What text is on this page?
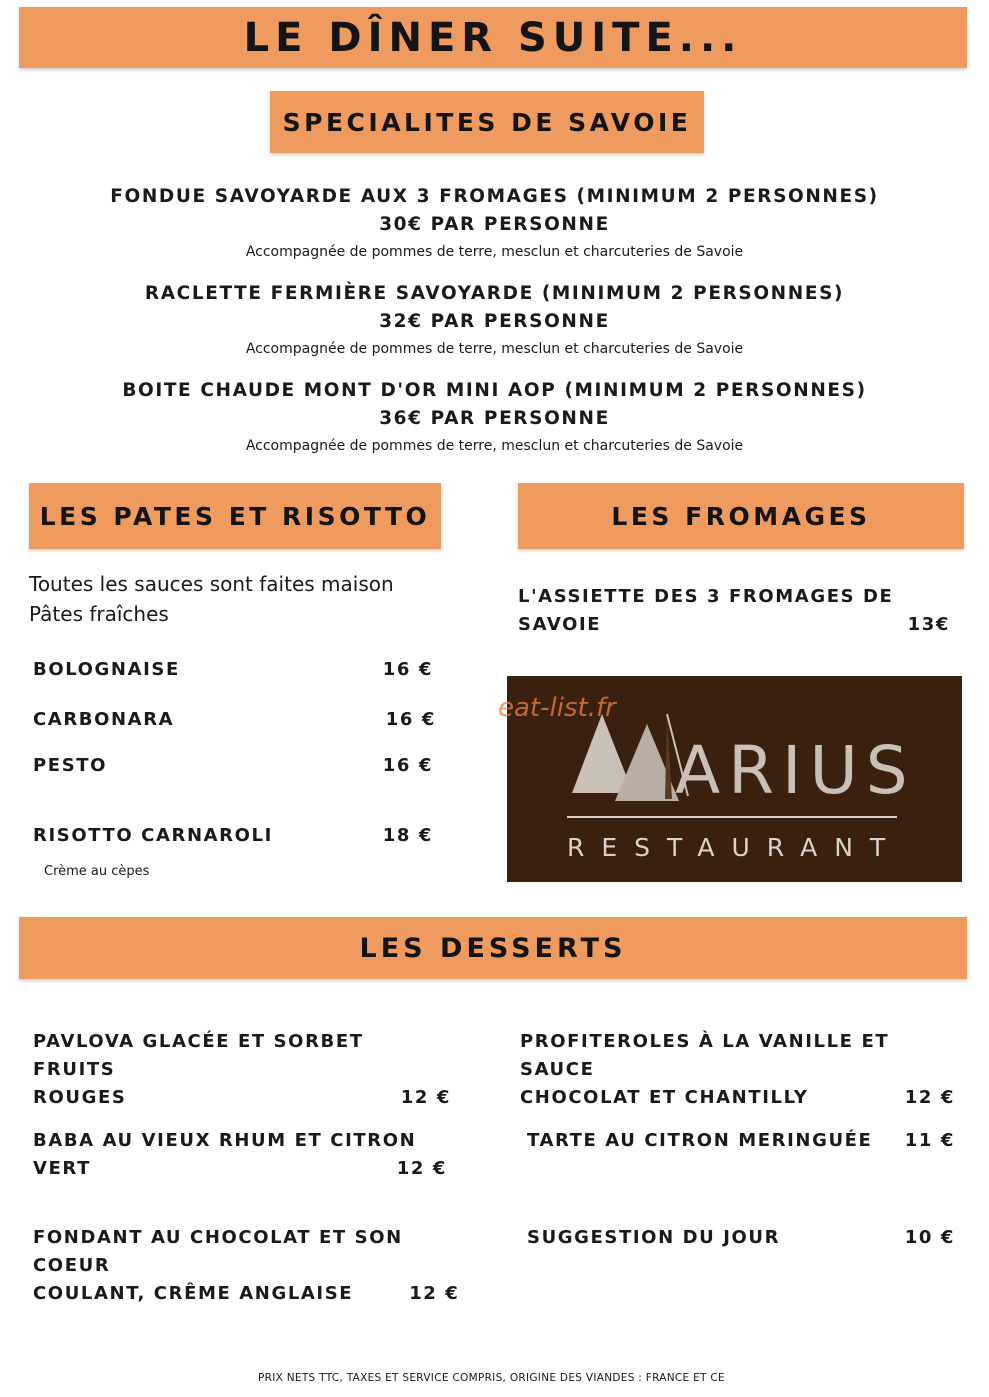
LE DÎNER SUITE...
SPECIALITES DE SAVOIE
FONDUE SAVOYARDE AUX 3 FROMAGES (MINIMUM 2 PERSONNES)
30€ PAR PERSONNE
Accompagnée de pommes de terre, mesclun et charcuteries de Savoie
RACLETTE FERMIÈRE SAVOYARDE (MINIMUM 2 PERSONNES)
32€ PAR PERSONNE
Accompagnée de pommes de terre, mesclun et charcuteries de Savoie
BOITE CHAUDE MONT D'OR MINI AOP (MINIMUM 2 PERSONNES)
36€ PAR PERSONNE
Accompagnée de pommes de terre, mesclun et charcuteries de Savoie
LES PATES ET RISOTTO	LES FROMAGES
Toutes les sauces sont faites maison
Pâtes fraîches
BOLOGNAISE	16 €
CARBONARA	16 €
PESTO	16 €
RISOTTO CARNAROLI	18 €
Crème au cèpes
L'ASSIETTE DES 3 FROMAGES DE
SAVOIE	13€
ARIUS
RESTAURANT
eat-list.fr
LES DESSERTS
PAVLOVA GLACÉE ET SORBET FRUITS
ROUGES	12 €
BABA AU VIEUX RHUM ET CITRON
VERT	12 €
FONDANT AU CHOCOLAT ET SON COEUR
COULANT, CRÊME ANGLAISE	12 €
PROFITEROLES À LA VANILLE ET SAUCE
CHOCOLAT ET CHANTILLY	12 €
TARTE AU CITRON MERINGUÉE 11 €
SUGGESTION DU JOUR	10 €
PRIX NETS TTC, TAXES ET SERVICE COMPRIS, ORIGINE DES VIANDES : FRANCE ET CE
